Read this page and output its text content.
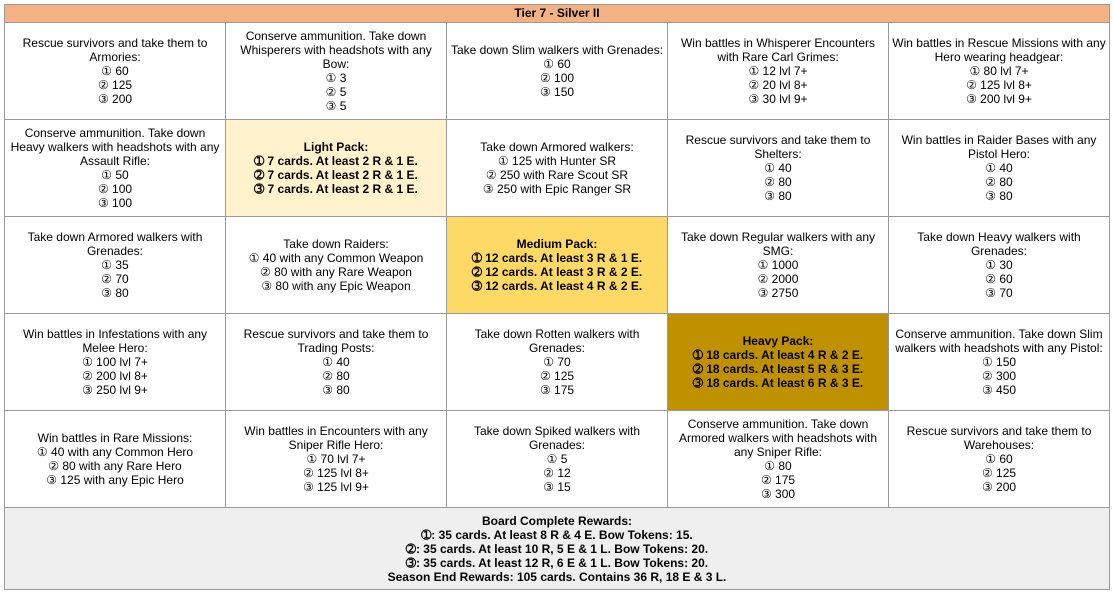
Tier 7 - Silver II				

Rescue survivors and take them to Armories:
① 60
② 125
③ 200	Conserve ammunition. Take down Whisperers with headshots with any Bow:
① 3
② 5
③ 5	Take down Slim walkers with Grenades:
① 60
② 100
③ 150	Win battles in Whisperer Encounters with Rare Carl Grimes:
① 12 lvl 7+
② 20 lvl 8+
③ 30 lvl 9+	Win battles in Rescue Missions with any Hero wearing headgear:
① 80 lvl 7+
② 125 lvl 8+
③ 200 lvl 9+

Conserve ammunition. Take down Heavy walkers with headshots with any Assault Rifle:
① 50
② 100
③ 100	Light Pack:
➀ 7 cards. At least 2 R & 1 E.
➁ 7 cards. At least 2 R & 1 E.
➂ 7 cards. At least 2 R & 1 E.	Take down Armored walkers:
① 125 with Hunter SR
② 250 with Rare Scout SR
③ 250 with Epic Ranger SR	Rescue survivors and take them to Shelters:
① 40
② 80
③ 80	Win battles in Raider Bases with any Pistol Hero:
① 40
② 80
③ 80

Take down Armored walkers with Grenades:
① 35
② 70
③ 80	Take down Raiders:
① 40 with any Common Weapon
② 80 with any Rare Weapon
③ 80 with any Epic Weapon	Medium Pack:
➀ 12 cards. At least 3 R & 1 E.
➁ 12 cards. At least 3 R & 2 E.
➂ 12 cards. At least 4 R & 2 E.	Take down Regular walkers with any SMG:
① 1000
② 2000
③ 2750	Take down Heavy walkers with Grenades:
① 30
② 60
③ 70

Win battles in Infestations with any Melee Hero:
① 100 lvl 7+
② 200 lvl 8+
③ 250 lvl 9+	Rescue survivors and take them to Trading Posts:
① 40
② 80
③ 80	Take down Rotten walkers with Grenades:
① 70
② 125
③ 175	Heavy Pack:
➀ 18 cards. At least 4 R & 2 E.
➁ 18 cards. At least 5 R & 3 E.
➂ 18 cards. At least 6 R & 3 E.	Conserve ammunition. Take down Slim walkers with headshots with any Pistol:
① 150
② 300
③ 450

Win battles in Rare Missions:
① 40 with any Common Hero
② 80 with any Rare Hero
③ 125 with any Epic Hero	Win battles in Encounters with any Sniper Rifle Hero:
① 70 lvl 7+
② 125 lvl 8+
③ 125 lvl 9+	Take down Spiked walkers with Grenades:
① 5
② 12
③ 15	Conserve ammunition. Take down Armored walkers with headshots with any Sniper Rifle:
① 80
② 175
③ 300	Rescue survivors and take them to Warehouses:
① 60
② 125
③ 200

Board Complete Rewards:
➀: 35 cards. At least 8 R & 4 E. Bow Tokens: 15.
➁: 35 cards. At least 10 R, 5 E & 1 L. Bow Tokens: 20.
➂: 35 cards. At least 12 R, 6 E & 1 L. Bow Tokens: 20.
Season End Rewards: 105 cards. Contains 36 R, 18 E & 3 L.				
